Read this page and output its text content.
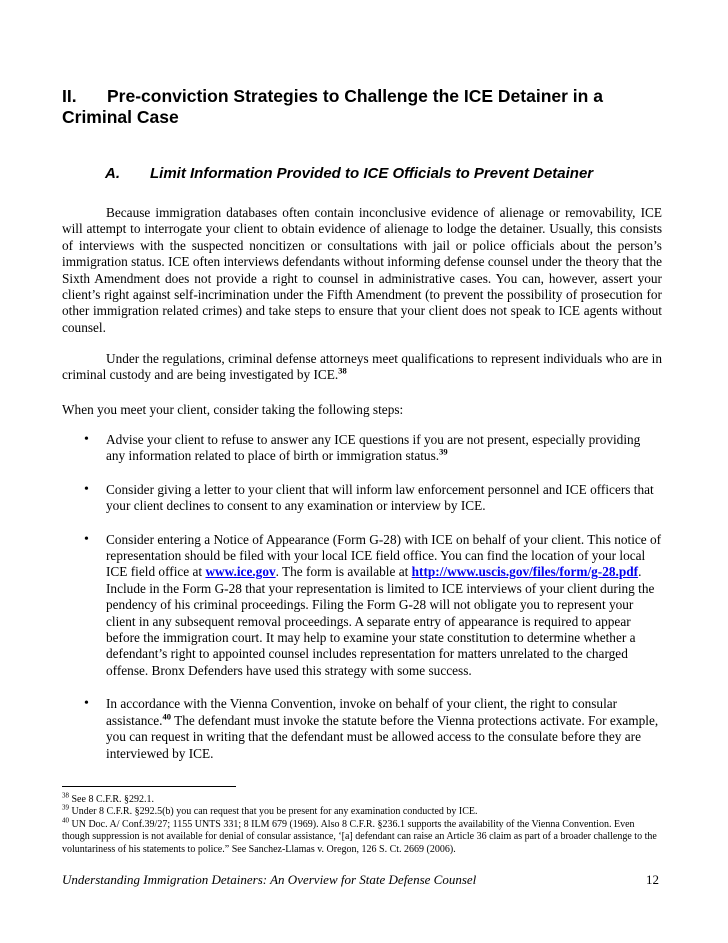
II. Pre-conviction Strategies to Challenge the ICE Detainer in a
Criminal Case
A. Limit Information Provided to ICE Officials to Prevent Detainer
Because immigration databases often contain inconclusive evidence of alienage or removability, ICE will attempt to interrogate your client to obtain evidence of alienage to lodge the detainer. Usually, this consists of interviews with the suspected noncitizen or consultations with jail or police officials about the person’s immigration status. ICE often interviews defendants without informing defense counsel under the theory that the Sixth Amendment does not provide a right to counsel in administrative cases. You can, however, assert your client’s right against self-incrimination under the Fifth Amendment (to prevent the possibility of prosecution for other immigration related crimes) and take steps to ensure that your client does not speak to ICE agents without counsel.
Under the regulations, criminal defense attorneys meet qualifications to represent individuals who are in criminal custody and are being investigated by ICE.$^{38}$
When you meet your client, consider taking the following steps:
• Advise your client to refuse to answer any ICE questions if you are not present, especially providing any information related to place of birth or immigration status.$^{39}$
• Consider giving a letter to your client that will inform law enforcement personnel and ICE officers that your client declines to consent to any examination or interview by ICE.
• Consider entering a Notice of Appearance (Form G-28) with ICE on behalf of your client. This notice of representation should be filed with your local ICE field office. You can find the location of your local ICE field office at www.ice.gov. The form is available at http://www.uscis.gov/files/form/g-28.pdf. Include in the Form G-28 that your representation is limited to ICE interviews of your client during the pendency of his criminal proceedings. Filing the Form G-28 will not obligate you to represent your client in any subsequent removal proceedings. A separate entry of appearance is required to appear before the immigration court. It may help to examine your state constitution to determine whether a defendant’s right to appointed counsel includes representation for matters unrelated to the charged offense. Bronx Defenders have used this strategy with some success.
• In accordance with the Vienna Convention, invoke on behalf of your client, the right to consular assistance.$^{40}$ The defendant must invoke the statute before the Vienna protections activate. For example, you can request in writing that the defendant must be allowed access to the consulate before they are interviewed by ICE.
$^{38}$ See 8 C.F.R. §292.1.
$^{39}$ Under 8 C.F.R. §292.5(b) you can request that you be present for any examination conducted by ICE.
$^{40}$ UN Doc. A/ Conf.39/27; 1155 UNTS 331; 8 ILM 679 (1969). Also 8 C.F.R. §236.1 supports the availability of the Vienna Convention. Even though suppression is not available for denial of consular assistance, ‘[a] defendant can raise an Article 36 claim as part of a broader challenge to the voluntariness of his statements to police.” See Sanchez-Llamas v. Oregon, 126 S. Ct. 2669 (2006).
Understanding Immigration Detainers: An Overview for State Defense Counsel	12
